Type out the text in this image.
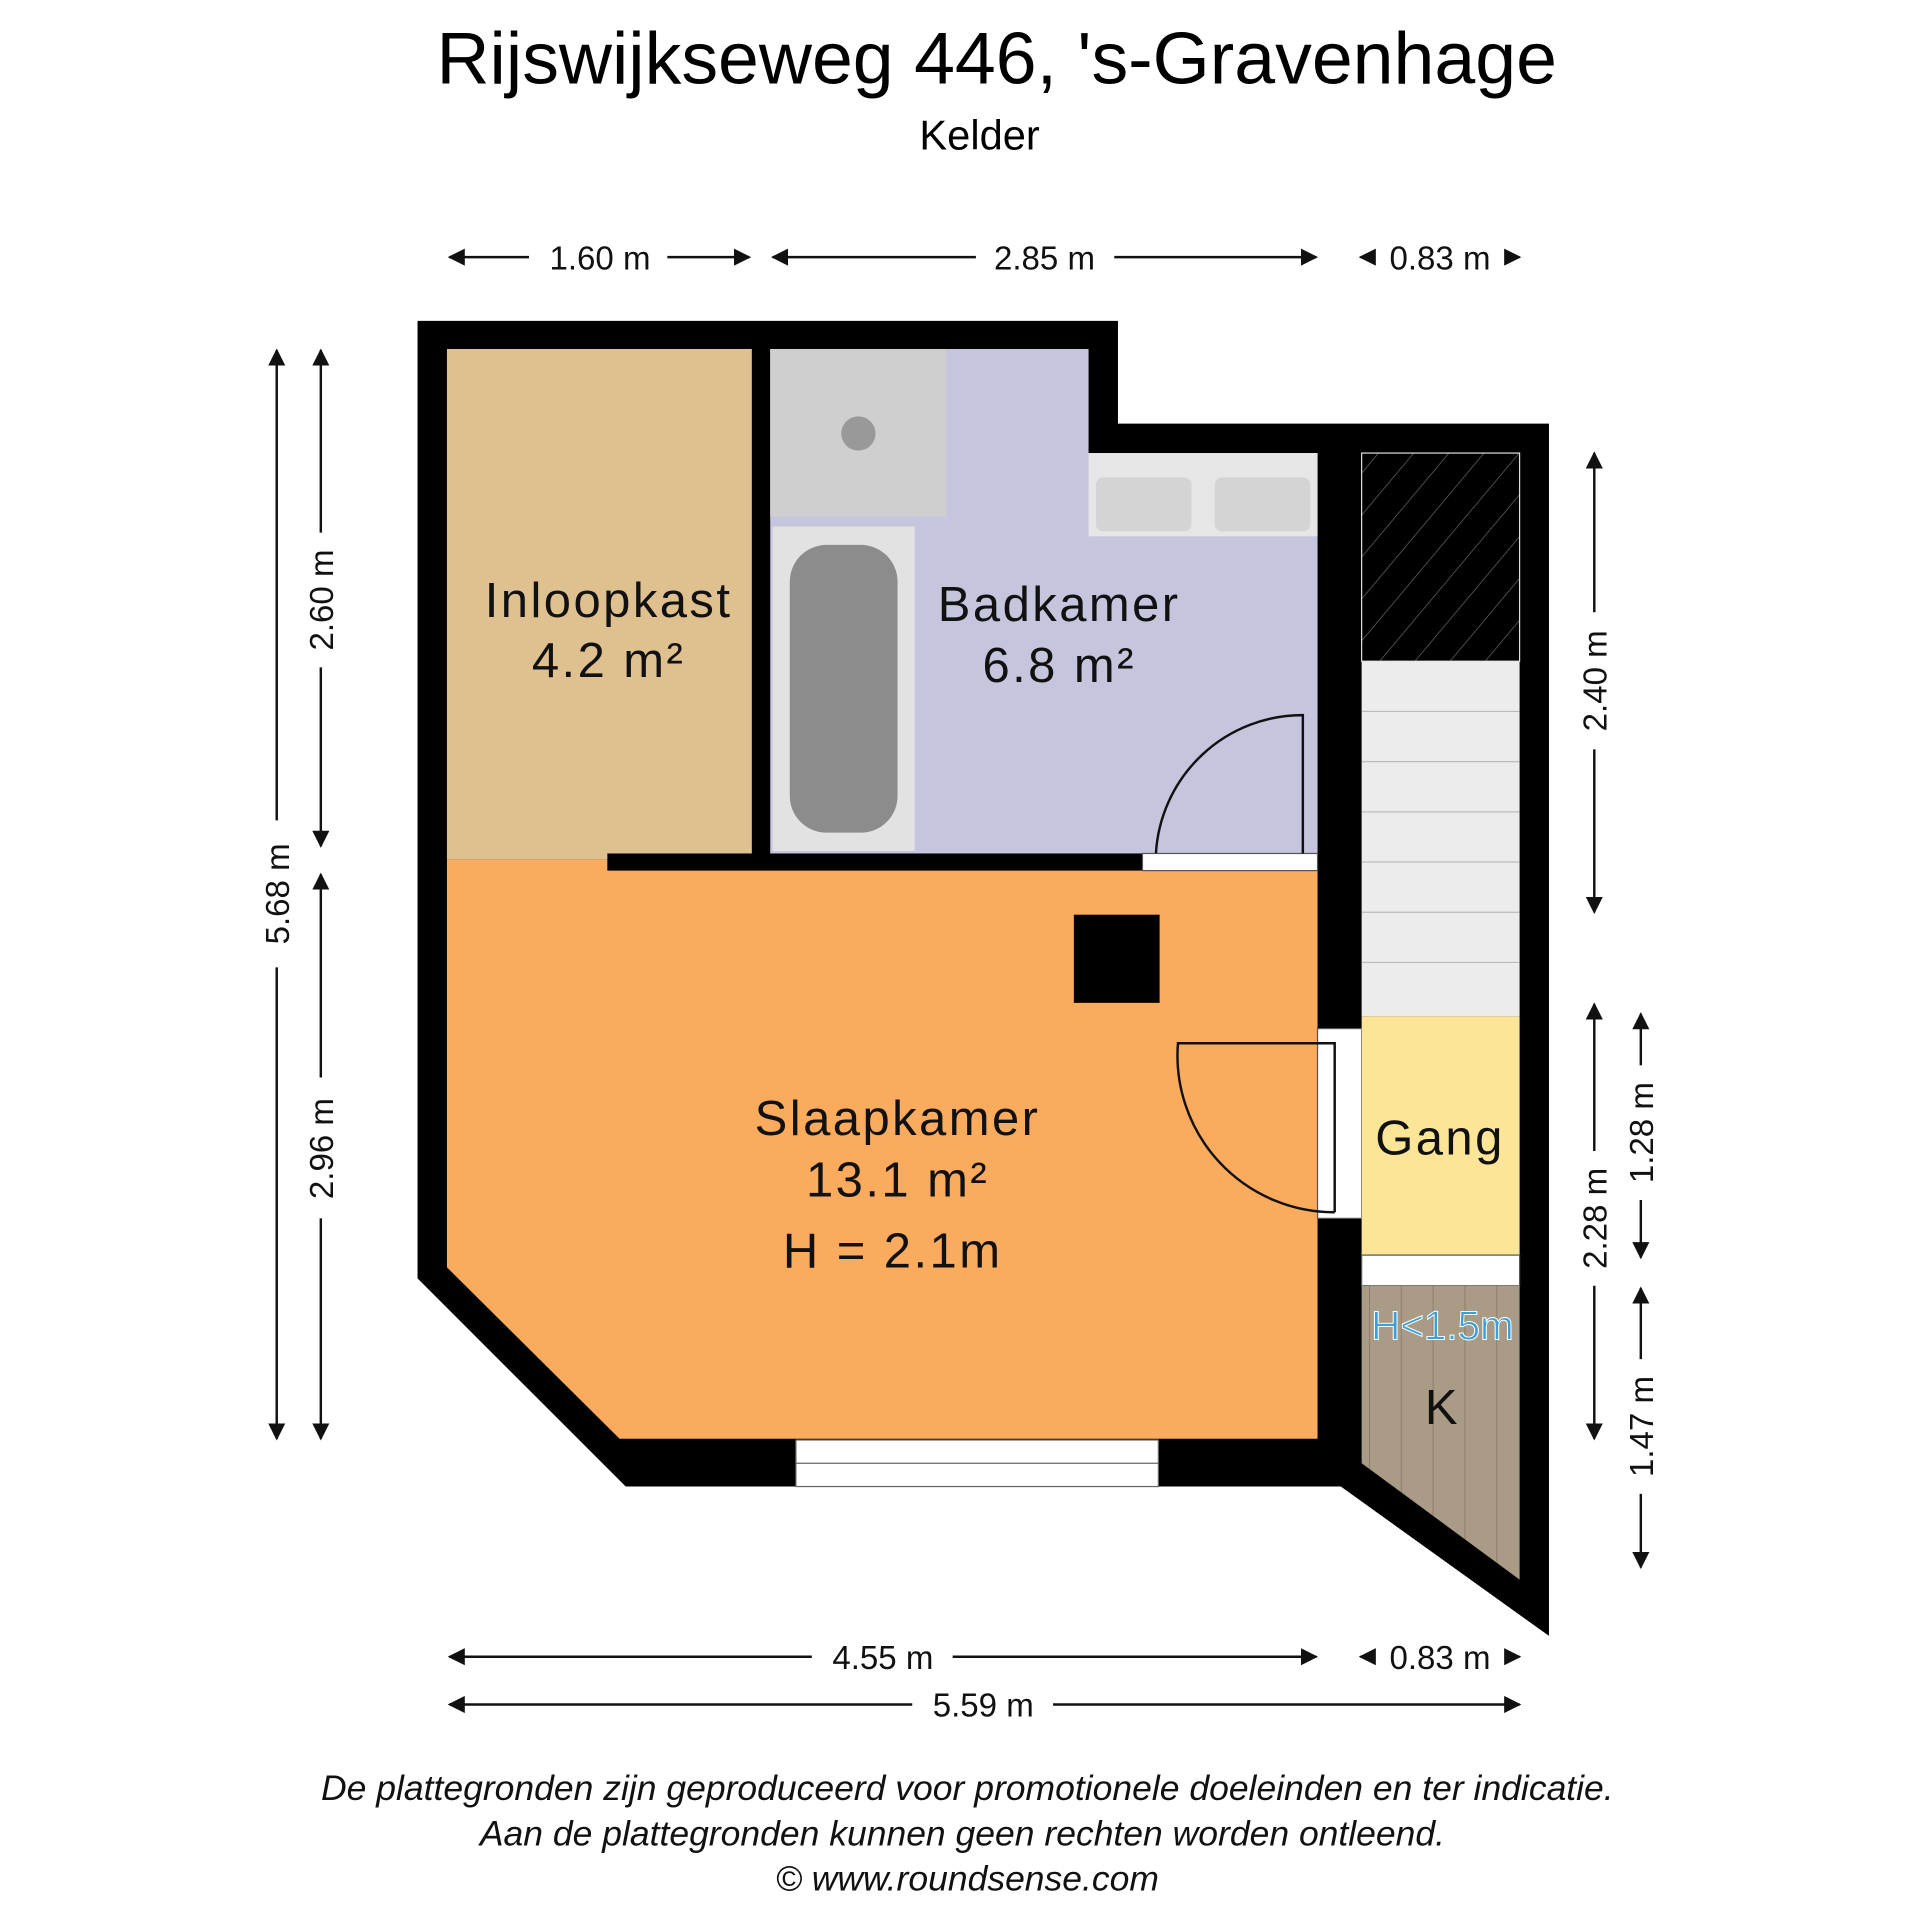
Rijswijkseweg 446, 's-Gravenhage
Kelder
Inloopkast
4.2 m²
Badkamer
6.8 m²
Slaapkamer
13.1 m²
H = 2.1m
Gang
H<1.5m
K
1.60 m	2.85 m	0.83 m
4.55 m	0.83 m
5.59 m
5.68 m
2.60 m
2.96 m
2.40 m
2.28 m
1.28 m
1.47 m
De plattegronden zijn geproduceerd voor promotionele doeleinden en ter indicatie.
Aan de plattegronden kunnen geen rechten worden ontleend.
© www.roundsense.com
